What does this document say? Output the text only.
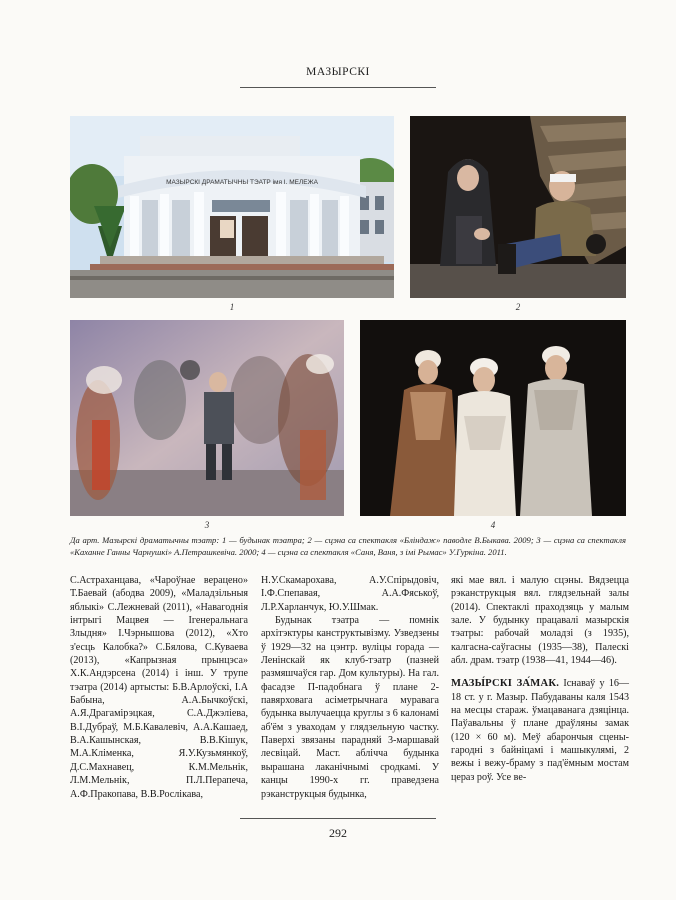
МАЗЫРСКІ
МАЗЫРСКІ ДРАМАТЫЧНЫ ТЭАТР імя І. МЕЛЕЖА
1	2
3	4
Да арт. Мазырскі драматычны тэатр: 1 — будынак тэатра; 2 — сцэна са спектакля «Бліндаж» паводле В.Быкава. 2009; 3 — сцэна са спектакля «Каханне Ганны Чарнушкі» А.Петрашкевіча. 2000; 4 — сцэна са спектакля «Саня, Ваня, з імі Рымас» У.Гуркіна. 2011.

С.Астраханцава, «Чароўнае вераценo» Т.Баевай (абодва 2009), «Маладзільныя яблыкі» С.Лежневай (2011), «Навагоднія інтрыгі Мацвея — Ігенеральнага Злыдня» І.Чэрнышова (2012), «Хто з'есць Калобка?» С.Бялова, С.Куваева (2013), «Капрызная прынцэса» Х.К.Андэрсена (2014) і інш. У трупе тэатра (2014) артысты: Б.В.Арлоўскі, І.А Бабына, А.А.Бычкоўскі, А.Я.Драгамірэцкая, С.А.Джэліева, В.І.Дубраў, М.Б.Кавалевіч, А.А.Кашаед, В.А.Кашынская, В.В.Кішук, М.А.Кліменка, Я.У.Кузьмянкоў, Д.С.Махнавец, К.М.Мельнік, Л.М.Мельнік, П.Л.Перапеча, А.Ф.Пракопава, В.В.Рослікава,

Н.У.Скамарохава, А.У.Спірыдовіч, І.Ф.Спепавая, А.А.Фяськоў, Л.Р.Харланчук, Ю.У.Шмак.

Будынак тэатра — помнік архітэктуры канструктывізму. Узведзены ў 1929—32 на цэнтр. вуліцы горада — Ленінскай як клуб-тэатр (пазней размяшчаўся гар. Дом культуры). На гал. фасадзе П-падобнага ў плане 2-павярховага асіметрычнага муравага будынка вылучаецца круглы з 6 калонамі аб'ём з уваходам у глядзельную частку. Паверхі звязаны парадняй 3-маршавай лесвіцай. Маст. аблічча будынка вырашана лаканічнымі сродкамі. У канцы 1990-х гг. праведзена рэканструкцыя будынка,

які мае вял. і малую сцэны. Вядзецца рэканструкцыя вял. глядзельнай залы (2014). Спектаклі праходзяць у малым зале. У будынку працавалі мазырскія тэатры: рабочай моладзі (з 1935), калгасна-саўгасны (1935—38), Палескі абл. драм. тэатр (1938—41, 1944—46).

МАЗЫ́РСКІ ЗА́МАК. Існаваў у 16—18 ст. у г. Мазыр. Пабудаваны каля 1543 на месцы стараж. ўмацаванага дзяцінца. Паўавальны ў плане драўляны замак (120 × 60 м). Меў абарончыя сцены-гародні з байніцамі і машыкулямі, 2 вежы і вежу-браму з пад'ёмным мостам цераз роў. Усе ве-

292
